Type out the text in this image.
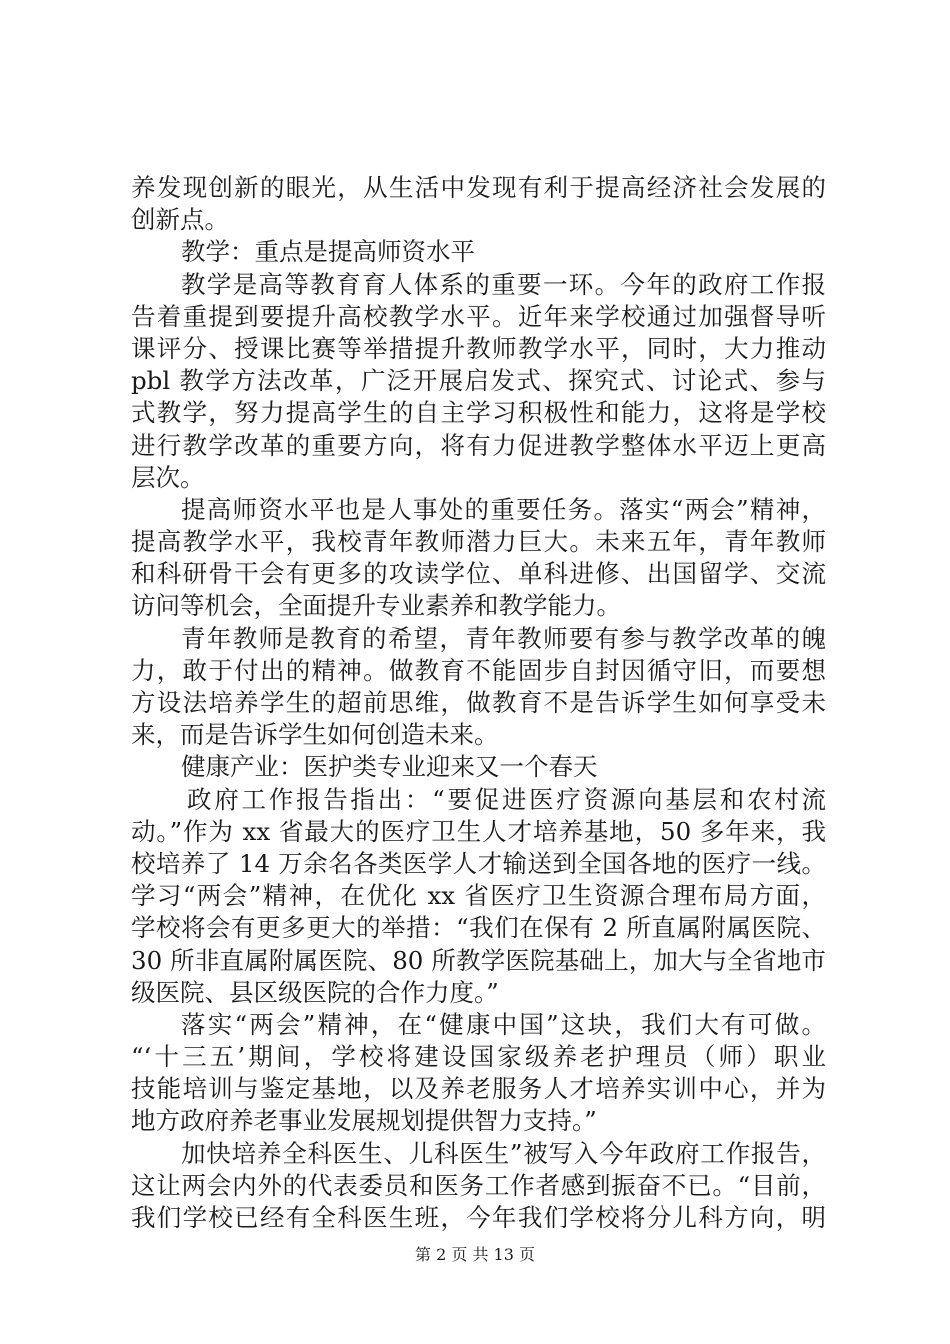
养发现创新的眼光，从生活中发现有利于提高经济社会发展的
创新点。
教学：重点是提高师资水平
教学是高等教育育人体系的重要一环。今年的政府工作报
告着重提到要提升高校教学水平。近年来学校通过加强督导听
课评分、授课比赛等举措提升教师教学水平，同时，大力推动
pbl 教学方法改革，广泛开展启发式、探究式、讨论式、参与
式教学，努力提高学生的自主学习积极性和能力，这将是学校
进行教学改革的重要方向，将有力促进教学整体水平迈上更高
层次。
提高师资水平也是人事处的重要任务。落实“两会”精神，
提高教学水平，我校青年教师潜力巨大。未来五年，青年教师
和科研骨干会有更多的攻读学位、单科进修、出国留学、交流
访问等机会，全面提升专业素养和教学能力。
青年教师是教育的希望，青年教师要有参与教学改革的魄
力，敢于付出的精神。做教育不能固步自封因循守旧，而要想
方设法培养学生的超前思维，做教育不是告诉学生如何享受未
来，而是告诉学生如何创造未来。
健康产业：医护类专业迎来又一个春天
政府工作报告指出：“要促进医疗资源向基层和农村流
动。”作为 xx 省最大的医疗卫生人才培养基地，50 多年来，我
校培养了 14 万余名各类医学人才输送到全国各地的医疗一线。
学习“两会”精神，在优化 xx 省医疗卫生资源合理布局方面，
学校将会有更多更大的举措：“我们在保有 2 所直属附属医院、
30 所非直属附属医院、80 所教学医院基础上，加大与全省地市
级医院、县区级医院的合作力度。”
落实“两会”精神，在“健康中国”这块，我们大有可做。
“‘十三五’期间，学校将建设国家级养老护理员（师）职业
技能培训与鉴定基地，以及养老服务人才培养实训中心，并为
地方政府养老事业发展规划提供智力支持。”
加快培养全科医生、儿科医生”被写入今年政府工作报告，
这让两会内外的代表委员和医务工作者感到振奋不已。“目前，
我们学校已经有全科医生班，今年我们学校将分儿科方向，明
第 2 页 共 13 页
